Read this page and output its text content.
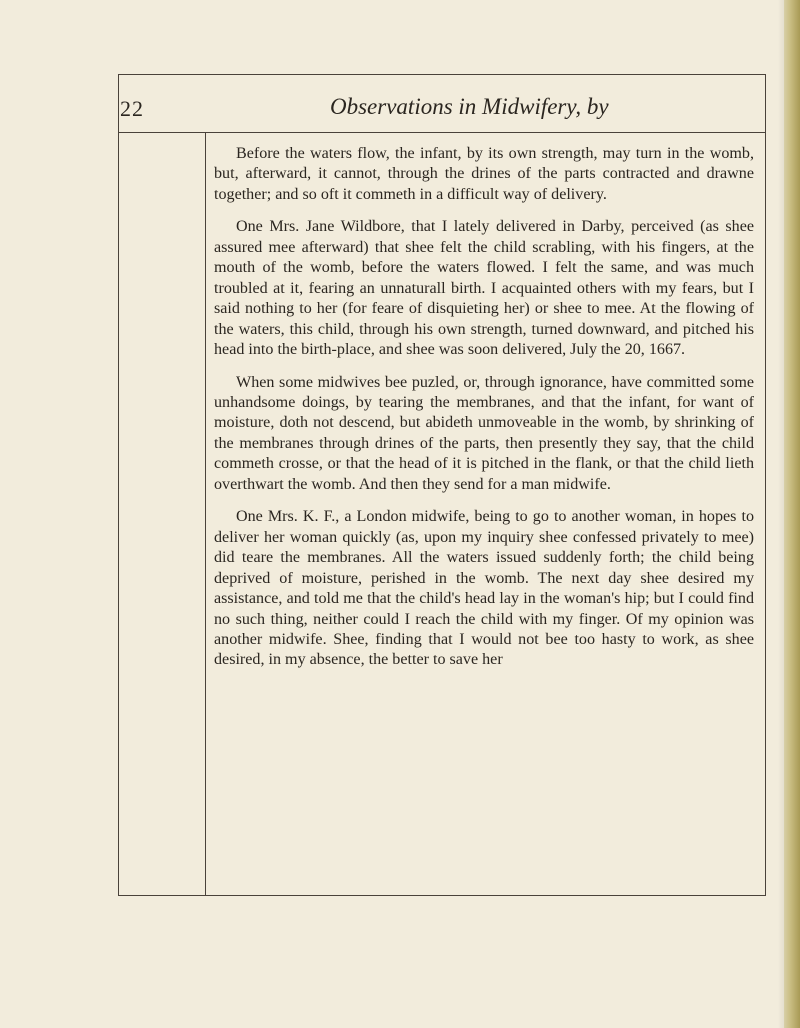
22	Observations in Midwifery, by

Before the waters flow, the infant, by its own strength, may turn in the womb, but, afterward, it cannot, through the drines of the parts contracted and drawne together; and so oft it commeth in a difficult way of delivery.

One Mrs. Jane Wildbore, that I lately delivered in Darby, perceived (as shee assured mee afterward) that shee felt the child scrabling, with his fingers, at the mouth of the womb, before the waters flowed. I felt the same, and was much troubled at it, fearing an unnaturall birth. I acquainted others with my fears, but I said nothing to her (for feare of disquieting her) or shee to mee. At the flowing of the waters, this child, through his own strength, turned downward, and pitched his head into the birth-place, and shee was soon delivered, July the 20, 1667.

When some midwives bee puzled, or, through ignorance, have committed some unhandsome doings, by tearing the membranes, and that the infant, for want of moisture, doth not descend, but abideth unmoveable in the womb, by shrinking of the membranes through drines of the parts, then presently they say, that the child commeth crosse, or that the head of it is pitched in the flank, or that the child lieth overthwart the womb. And then they send for a man midwife.

One Mrs. K. F., a London midwife, being to go to another woman, in hopes to deliver her woman quickly (as, upon my inquiry shee confessed privately to mee) did teare the membranes. All the waters issued suddenly forth; the child being deprived of moisture, perished in the womb. The next day shee desired my assistance, and told me that the child's head lay in the woman's hip; but I could find no such thing, neither could I reach the child with my finger. Of my opinion was another midwife. Shee, finding that I would not bee too hasty to work, as shee desired, in my absence, the better to save her
